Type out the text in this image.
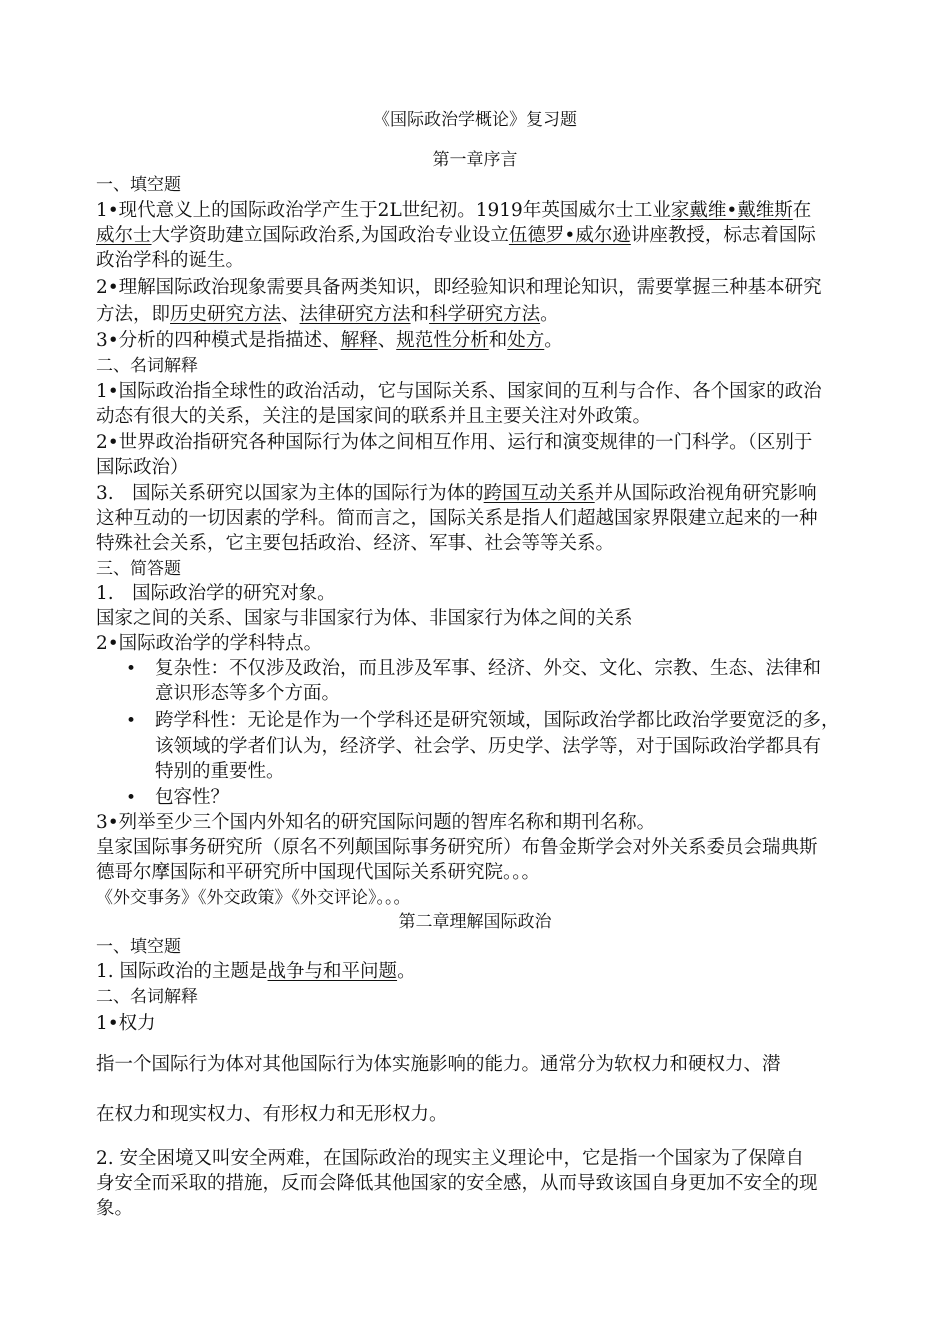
《国际政治学概论》复习题
第一章序言
一、填空题
1•现代意义上的国际政治学产生于2L世纪初。1919年英国威尔士工业家戴维•戴维斯在
威尔士大学资助建立国际政治系,为国政治专业设立伍德罗•威尔逊讲座教授，标志着国际
政治学科的诞生。
2•理解国际政治现象需要具备两类知识，即经验知识和理论知识，需要掌握三种基本研究
方法，即历史研究方法、法律研究方法和科学研究方法。
3•分析的四种模式是指描述、解释、规范性分析和处方。
二、名词解释
1•国际政治指全球性的政治活动，它与国际关系、国家间的互利与合作、各个国家的政治
动态有很大的关系，关注的是国家间的联系并且主要关注对外政策。
2•世界政治指研究各种国际行为体之间相互作用、运行和演变规律的一门科学。（区别于
国际政治）
3.　国际关系研究以国家为主体的国际行为体的跨国互动关系并从国际政治视角研究影响
这种互动的一切因素的学科。简而言之，国际关系是指人们超越国家界限建立起来的一种
特殊社会关系，它主要包括政治、经济、军事、社会等等关系。
三、简答题
1.　国际政治学的研究对象。
国家之间的关系、国家与非国家行为体、非国家行为体之间的关系
2•国际政治学的学科特点。
• 复杂性：不仅涉及政治，而且涉及军事、经济、外交、文化、宗教、生态、法律和
意识形态等多个方面。
• 跨学科性：无论是作为一个学科还是研究领域，国际政治学都比政治学要宽泛的多，
该领域的学者们认为，经济学、社会学、历史学、法学等，对于国际政治学都具有
特别的重要性。
• 包容性？
3•列举至少三个国内外知名的研究国际问题的智库名称和期刊名称。
皇家国际事务研究所（原名不列颠国际事务研究所）布鲁金斯学会对外关系委员会瑞典斯
德哥尔摩国际和平研究所中国现代国际关系研究院。。。
《外交事务》《外交政策》《外交评论》。。。
第二章理解国际政治
一、填空题
1. 国际政治的主题是战争与和平问题。
二、名词解释
1•权力
指一个国际行为体对其他国际行为体实施影响的能力。通常分为软权力和硬权力、潜
在权力和现实权力、有形权力和无形权力。
2. 安全困境又叫安全两难，在国际政治的现实主义理论中，它是指一个国家为了保障自
身安全而采取的措施，反而会降低其他国家的安全感，从而导致该国自身更加不安全的现
象。
